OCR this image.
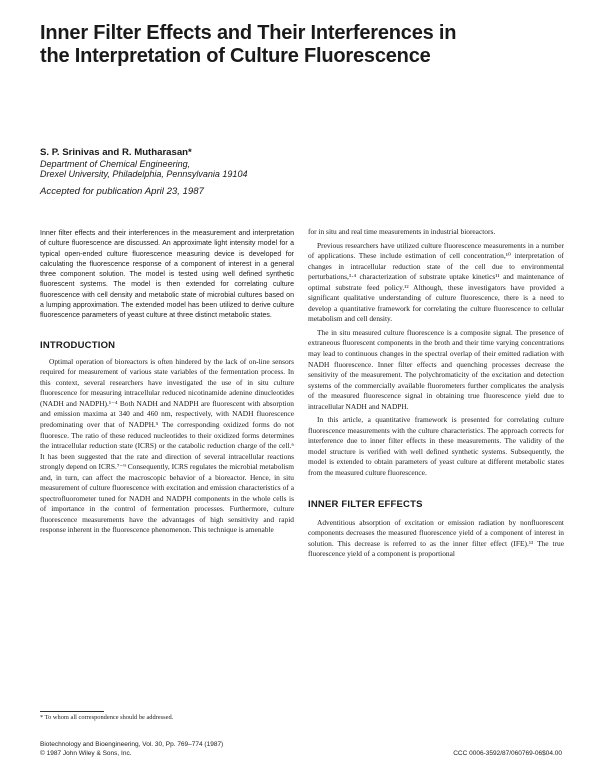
Inner Filter Effects and Their Interferences in the Interpretation of Culture Fluorescence
S. P. Srinivas and R. Mutharasan*
Department of Chemical Engineering,
Drexel University, Philadelphia, Pennsylvania 19104
Accepted for publication April 23, 1987

Inner filter effects and their interferences in the measurement and interpretation of culture fluorescence are discussed. An approximate light intensity model for a typical open-ended culture fluorescence measuring device is developed for calculating the fluorescence response of a component of interest in a general three component solution. The model is tested using well defined synthetic fluorescent systems. The model is then extended for correlating culture fluorescence with cell density and metabolic state of microbial cultures based on a lumping approximation. The extended model has been utilized to derive culture fluorescence parameters of yeast culture at three distinct metabolic states.

INTRODUCTION

Optimal operation of bioreactors is often hindered by the lack of on-line sensors required for measurement of various state variables of the fermentation process. In this context, several researchers have investigated the use of in situ culture fluorescence for measuring intracellular reduced nicotinamide adenine dinucleotides (NADH and NADPH).¹⁻⁴ Both NADH and NADPH are fluorescent with absorption and emission maxima at 340 and 460 nm, respectively, with NADH fluorescence predominating over that of NADPH.⁵ The corresponding oxidized forms do not fluoresce. The ratio of these reduced nucleotides to their oxidized forms determines the intracellular reduction state (ICRS) or the catabolic reduction charge of the cell.⁶ It has been suggested that the rate and direction of several intracellular reactions strongly depend on ICRS.⁷⁻⁹ Consequently, ICRS regulates the microbial metabolism and, in turn, can affect the macroscopic behavior of a bioreactor. Hence, in situ measurement of culture fluorescence with excitation and emission characteristics of a spectrofluorometer tuned for NADH and NADPH components in the whole cells is of importance in the control of fermentation processes. Furthermore, culture fluorescence measurements have the advantages of high sensitivity and rapid response inherent in the fluorescence phenomenon. This technique is amenable

for in situ and real time measurements in industrial bioreactors.

Previous researchers have utilized culture fluorescence measurements in a number of applications. These include estimation of cell concentration,¹⁰ interpretation of changes in intracellular reduction state of the cell due to environmental perturbations,³·⁴ characterization of substrate uptake kinetics¹¹ and maintenance of optimal substrate feed policy.¹² Although, these investigators have provided a significant qualitative understanding of culture fluorescence, there is a need to develop a quantitative framework for correlating the culture fluorescence to cellular metabolism and cell density.

The in situ measured culture fluorescence is a composite signal. The presence of extraneous fluorescent components in the broth and their time varying concentrations may lead to continuous changes in the spectral overlap of their emitted radiation with NADH fluorescence. Inner filter effects and quenching processes decrease the sensitivity of the measurement. The polychromaticity of the excitation and detection systems of the commercially available fluorometers further complicates the analysis of the measured fluorescence signal in obtaining true fluorescence yield due to intracellular NADH and NADPH.

In this article, a quantitative framework is presented for correlating culture fluorescence measurements with the culture characteristics. The approach corrects for interference due to inner filter effects in these measurements. The validity of the model structure is verified with well defined synthetic systems. Subsequently, the model is extended to obtain parameters of yeast culture at different metabolic states from the measured culture fluorescence.

INNER FILTER EFFECTS

Adventitious absorption of excitation or emission radiation by nonfluorescent components decreases the measured fluorescence yield of a component of interest in solution. This decrease is referred to as the inner filter effect (IFE).¹³ The true fluorescence yield of a component is proportional

* To whom all correspondence should be addressed.
Biotechnology and Bioengineering, Vol. 30, Pp. 769–774 (1987)
© 1987 John Wiley & Sons, Inc.	CCC 0006-3592/87/060769-06$04.00
